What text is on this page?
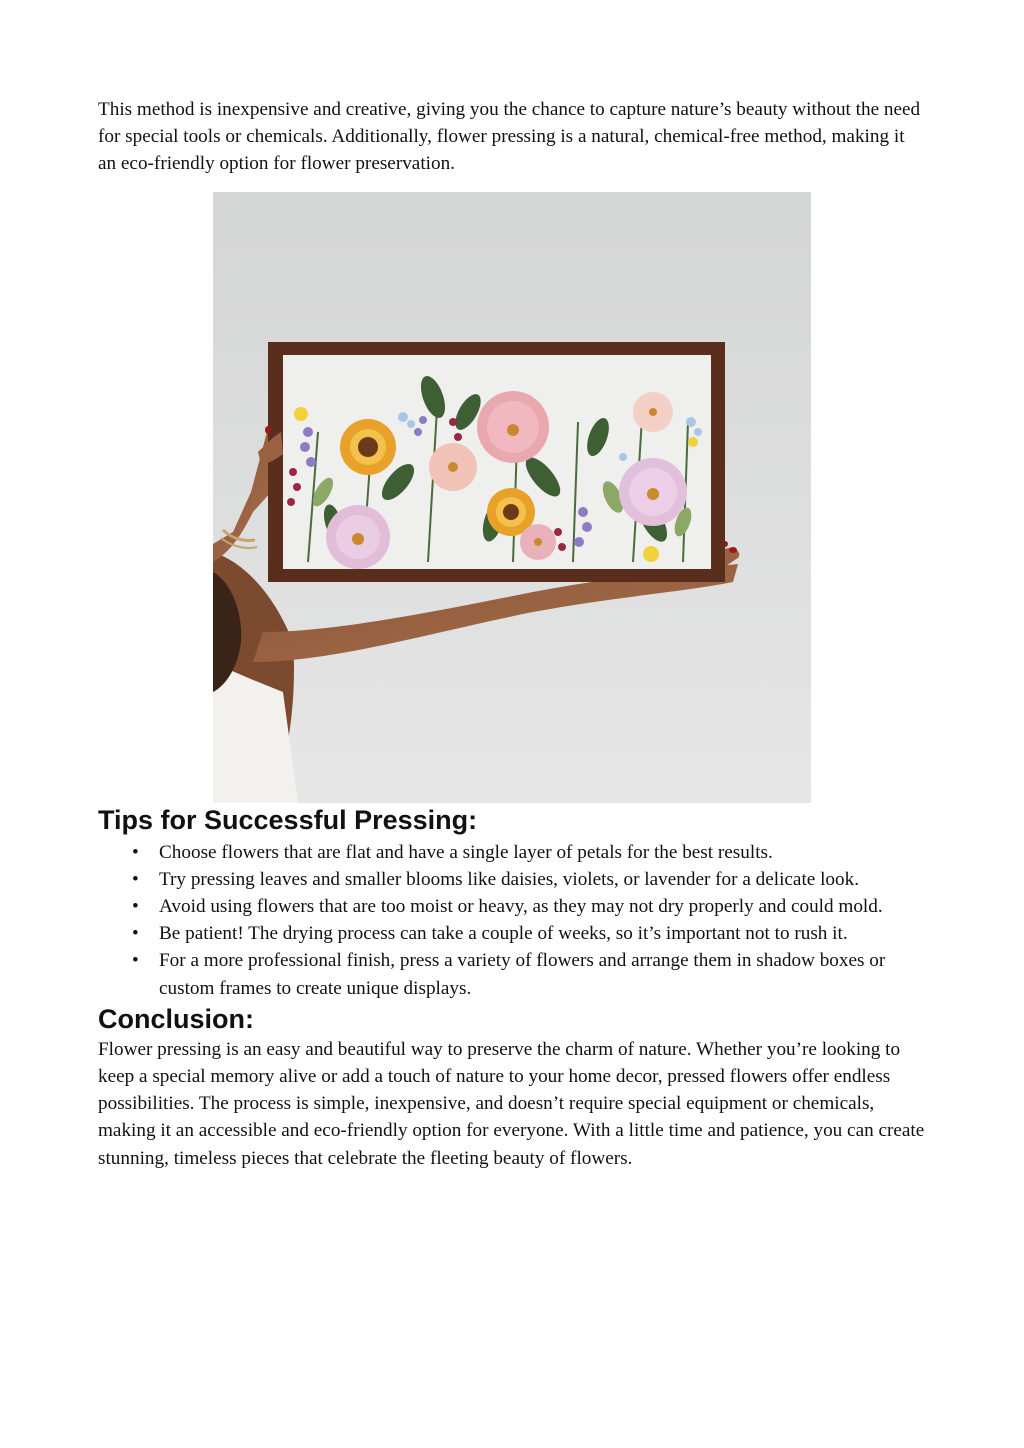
This method is inexpensive and creative, giving you the chance to capture nature’s beauty without the need for special tools or chemicals. Additionally, flower pressing is a natural, chemical-free method, making it an eco-friendly option for flower preservation.

Tips for Successful Pressing:
• Choose flowers that are flat and have a single layer of petals for the best results.
• Try pressing leaves and smaller blooms like daisies, violets, or lavender for a delicate look.
• Avoid using flowers that are too moist or heavy, as they may not dry properly and could mold.
• Be patient! The drying process can take a couple of weeks, so it’s important not to rush it.
• For a more professional finish, press a variety of flowers and arrange them in shadow boxes or custom frames to create unique displays.
Conclusion:

Flower pressing is an easy and beautiful way to preserve the charm of nature. Whether you’re looking to keep a special memory alive or add a touch of nature to your home decor, pressed flowers offer endless possibilities. The process is simple, inexpensive, and doesn’t require special equipment or chemicals, making it an accessible and eco-friendly option for everyone. With a little time and patience, you can create stunning, timeless pieces that celebrate the fleeting beauty of flowers.
